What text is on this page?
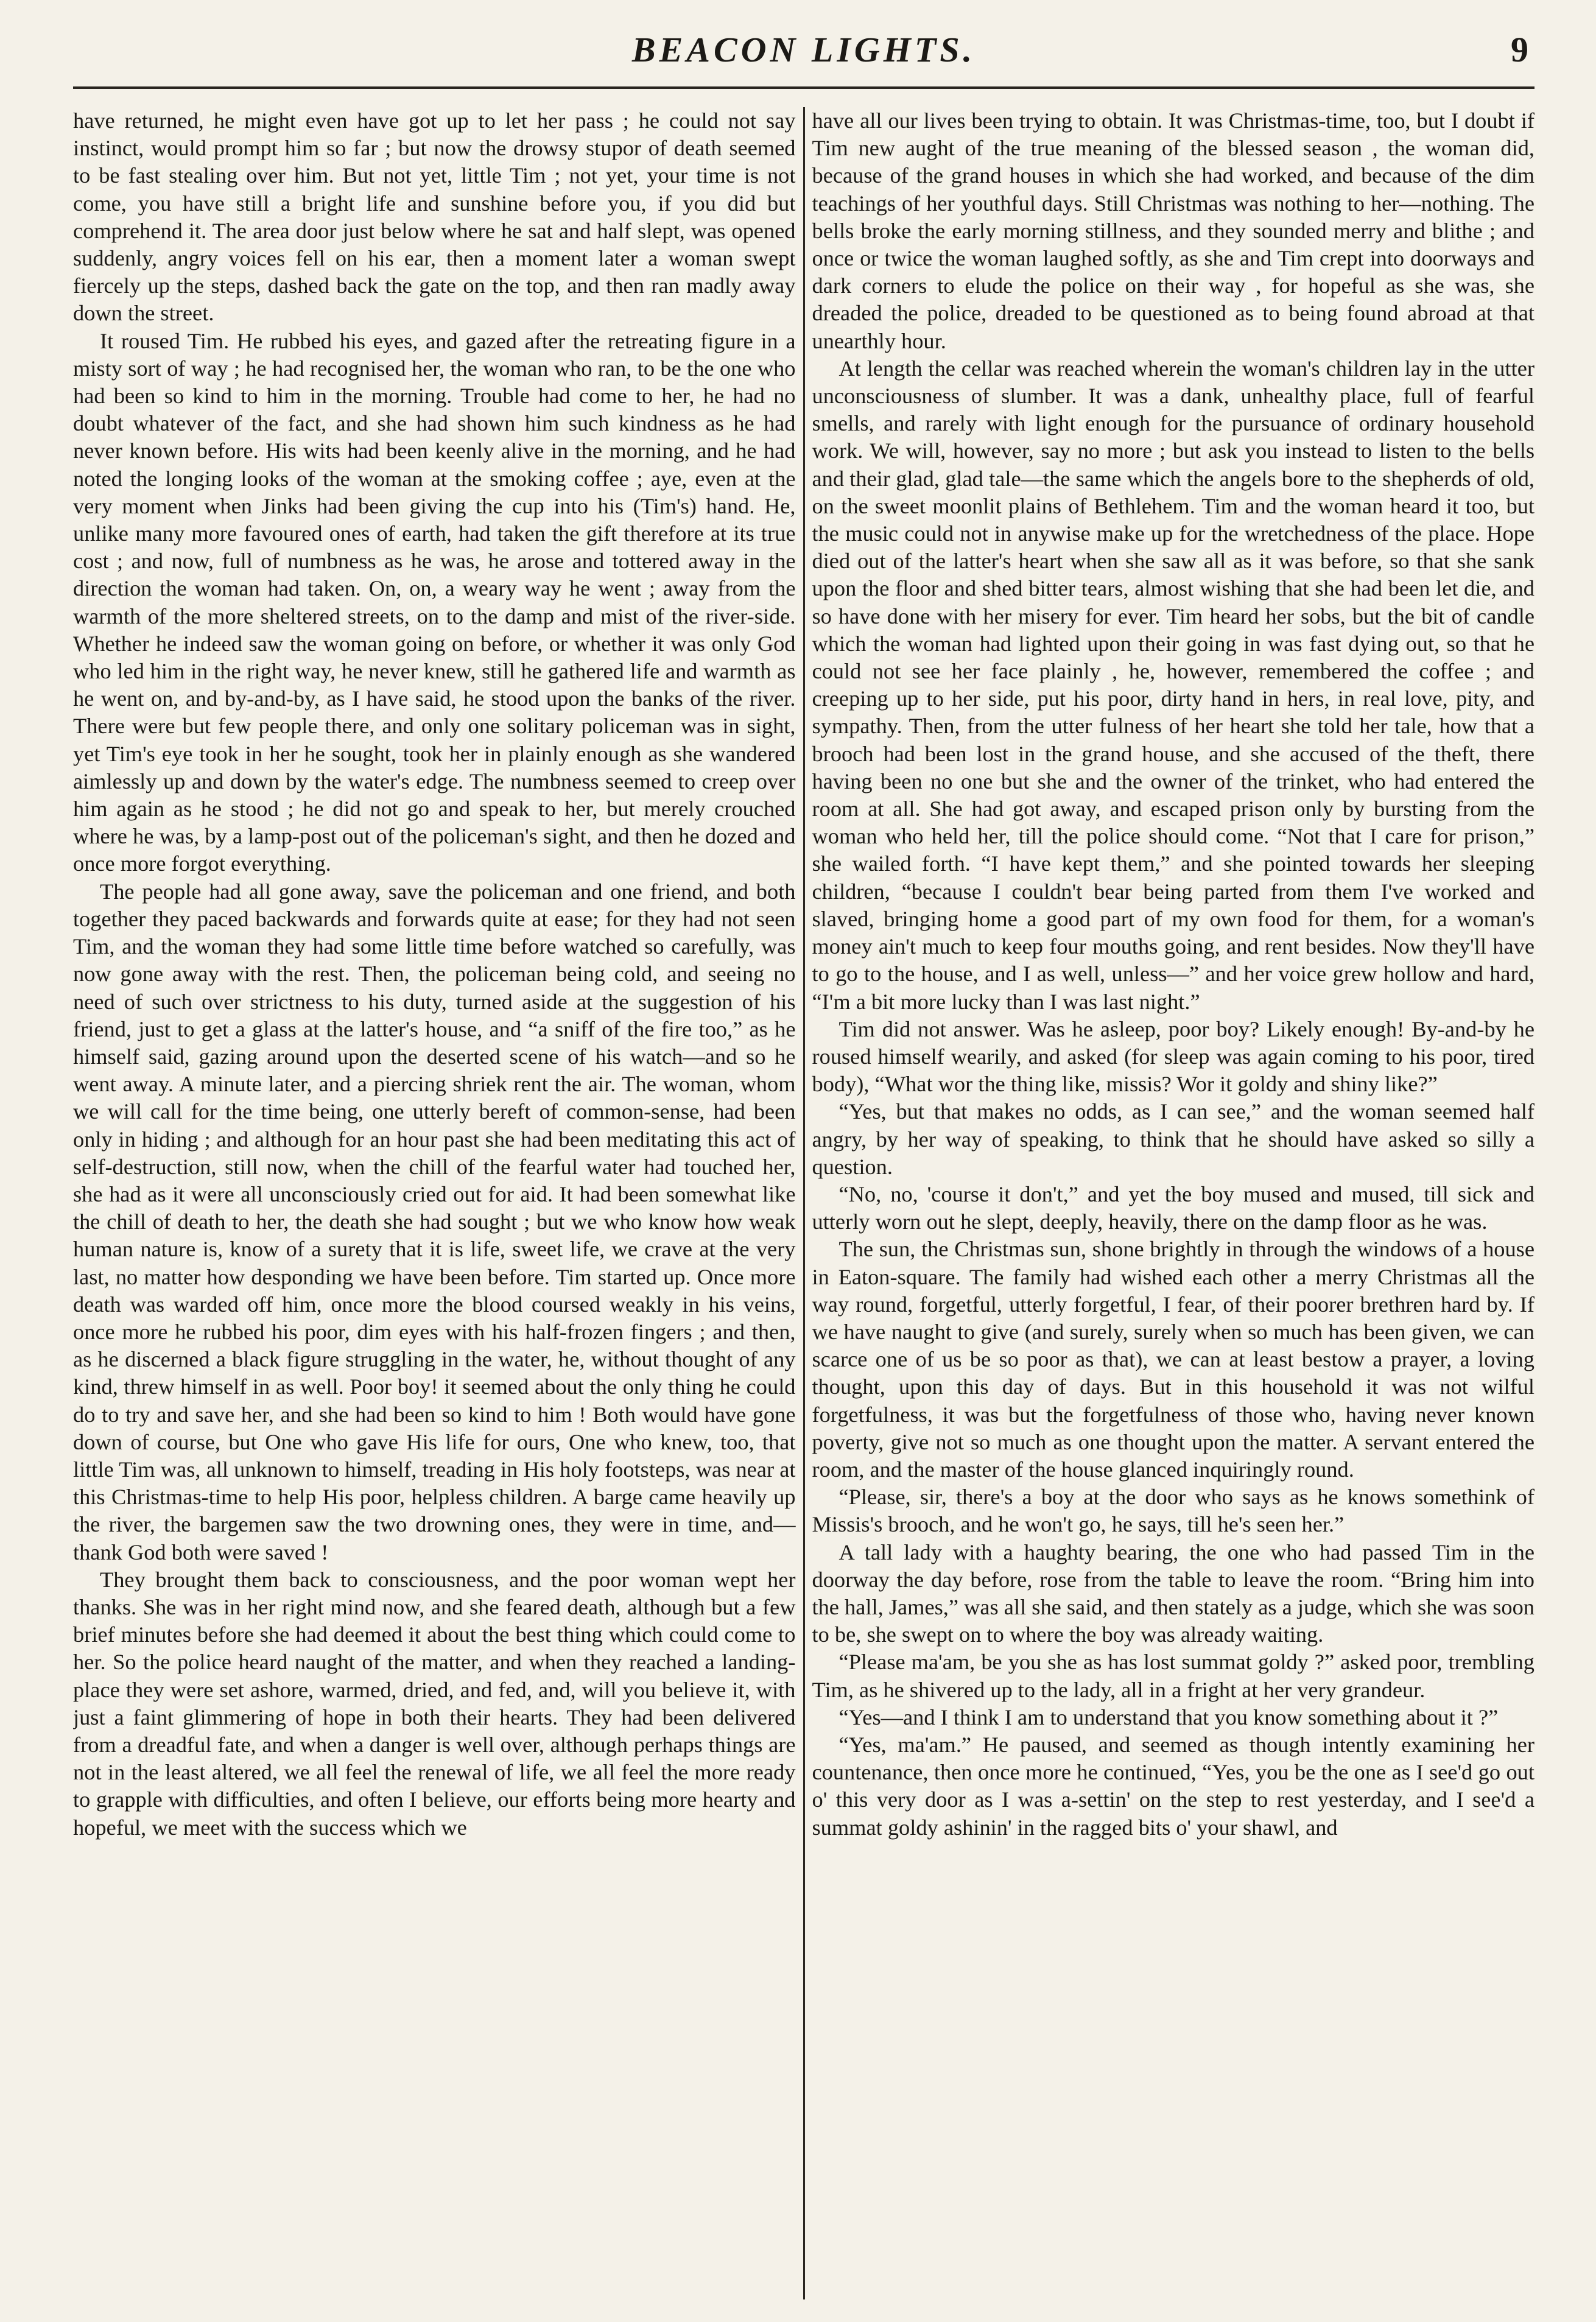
BEACON LIGHTS.	9

have returned, he might even have got up to let her pass ; he could not say instinct, would prompt him so far ; but now the drowsy stupor of death seemed to be fast stealing over him. But not yet, little Tim ; not yet, your time is not come, you have still a bright life and sunshine before you, if you did but comprehend it. The area door just below where he sat and half slept, was opened suddenly, angry voices fell on his ear, then a moment later a woman swept fiercely up the steps, dashed back the gate on the top, and then ran madly away down the street.

It roused Tim. He rubbed his eyes, and gazed after the retreating figure in a misty sort of way ; he had recognised her, the woman who ran, to be the one who had been so kind to him in the morning. Trouble had come to her, he had no doubt whatever of the fact, and she had shown him such kindness as he had never known before. His wits had been keenly alive in the morning, and he had noted the longing looks of the woman at the smoking coffee ; aye, even at the very moment when Jinks had been giving the cup into his (Tim's) hand. He, unlike many more favoured ones of earth, had taken the gift therefore at its true cost ; and now, full of numbness as he was, he arose and tottered away in the direction the woman had taken. On, on, a weary way he went ; away from the warmth of the more sheltered streets, on to the damp and mist of the river-side. Whether he indeed saw the woman going on before, or whether it was only God who led him in the right way, he never knew, still he gathered life and warmth as he went on, and by-and-by, as I have said, he stood upon the banks of the river. There were but few people there, and only one solitary policeman was in sight, yet Tim's eye took in her he sought, took her in plainly enough as she wandered aimlessly up and down by the water's edge. The numbness seemed to creep over him again as he stood ; he did not go and speak to her, but merely crouched where he was, by a lamp-post out of the policeman's sight, and then he dozed and once more forgot everything.

The people had all gone away, save the policeman and one friend, and both together they paced backwards and forwards quite at ease; for they had not seen Tim, and the woman they had some little time before watched so carefully, was now gone away with the rest. Then, the policeman being cold, and seeing no need of such over strictness to his duty, turned aside at the suggestion of his friend, just to get a glass at the latter's house, and “a sniff of the fire too,” as he himself said, gazing around upon the deserted scene of his watch—and so he went away. A minute later, and a piercing shriek rent the air. The woman, whom we will call for the time being, one utterly bereft of common-sense, had been only in hiding ; and although for an hour past she had been meditating this act of self-destruction, still now, when the chill of the fearful water had touched her, she had as it were all unconsciously cried out for aid. It had been somewhat like the chill of death to her, the death she had sought ; but we who know how weak human nature is, know of a surety that it is life, sweet life, we crave at the very last, no matter how desponding we have been before. Tim started up. Once more death was warded off him, once more the blood coursed weakly in his veins, once more he rubbed his poor, dim eyes with his half-frozen fingers ; and then, as he discerned a black figure struggling in the water, he, without thought of any kind, threw himself in as well. Poor boy! it seemed about the only thing he could do to try and save her, and she had been so kind to him ! Both would have gone down of course, but One who gave His life for ours, One who knew, too, that little Tim was, all unknown to himself, treading in His holy footsteps, was near at this Christmas-time to help His poor, helpless children. A barge came heavily up the river, the bargemen saw the two drowning ones, they were in time, and—thank God both were saved !

They brought them back to consciousness, and the poor woman wept her thanks. She was in her right mind now, and she feared death, although but a few brief minutes before she had deemed it about the best thing which could come to her. So the police heard naught of the matter, and when they reached a landing-place they were set ashore, warmed, dried, and fed, and, will you believe it, with just a faint glimmering of hope in both their hearts. They had been delivered from a dreadful fate, and when a danger is well over, although perhaps things are not in the least altered, we all feel the renewal of life, we all feel the more ready to grapple with difficulties, and often I believe, our efforts being more hearty and hopeful, we meet with the success which we

have all our lives been trying to obtain. It was Christmas-time, too, but I doubt if Tim new aught of the true meaning of the blessed season , the woman did, because of the grand houses in which she had worked, and because of the dim teachings of her youthful days. Still Christmas was nothing to her—nothing. The bells broke the early morning stillness, and they sounded merry and blithe ; and once or twice the woman laughed softly, as she and Tim crept into doorways and dark corners to elude the police on their way , for hopeful as she was, she dreaded the police, dreaded to be questioned as to being found abroad at that unearthly hour.

At length the cellar was reached wherein the woman's children lay in the utter unconsciousness of slumber. It was a dank, unhealthy place, full of fearful smells, and rarely with light enough for the pursuance of ordinary household work. We will, however, say no more ; but ask you instead to listen to the bells and their glad, glad tale—the same which the angels bore to the shepherds of old, on the sweet moonlit plains of Bethlehem. Tim and the woman heard it too, but the music could not in anywise make up for the wretchedness of the place. Hope died out of the latter's heart when she saw all as it was before, so that she sank upon the floor and shed bitter tears, almost wishing that she had been let die, and so have done with her misery for ever. Tim heard her sobs, but the bit of candle which the woman had lighted upon their going in was fast dying out, so that he could not see her face plainly , he, however, remembered the coffee ; and creeping up to her side, put his poor, dirty hand in hers, in real love, pity, and sympathy. Then, from the utter fulness of her heart she told her tale, how that a brooch had been lost in the grand house, and she accused of the theft, there having been no one but she and the owner of the trinket, who had entered the room at all. She had got away, and escaped prison only by bursting from the woman who held her, till the police should come. “Not that I care for prison,” she wailed forth. “I have kept them,” and she pointed towards her sleeping children, “because I couldn't bear being parted from them I've worked and slaved, bringing home a good part of my own food for them, for a woman's money ain't much to keep four mouths going, and rent besides. Now they'll have to go to the house, and I as well, unless—” and her voice grew hollow and hard, “I'm a bit more lucky than I was last night.”

Tim did not answer. Was he asleep, poor boy? Likely enough! By-and-by he roused himself wearily, and asked (for sleep was again coming to his poor, tired body), “What wor the thing like, missis? Wor it goldy and shiny like?”

“Yes, but that makes no odds, as I can see,” and the woman seemed half angry, by her way of speaking, to think that he should have asked so silly a question.

“No, no, 'course it don't,” and yet the boy mused and mused, till sick and utterly worn out he slept, deeply, heavily, there on the damp floor as he was.

The sun, the Christmas sun, shone brightly in through the windows of a house in Eaton-square. The family had wished each other a merry Christmas all the way round, forgetful, utterly forgetful, I fear, of their poorer brethren hard by. If we have naught to give (and surely, surely when so much has been given, we can scarce one of us be so poor as that), we can at least bestow a prayer, a loving thought, upon this day of days. But in this household it was not wilful forgetfulness, it was but the forgetfulness of those who, having never known poverty, give not so much as one thought upon the matter. A servant entered the room, and the master of the house glanced inquiringly round.

“Please, sir, there's a boy at the door who says as he knows somethink of Missis's brooch, and he won't go, he says, till he's seen her.”

A tall lady with a haughty bearing, the one who had passed Tim in the doorway the day before, rose from the table to leave the room. “Bring him into the hall, James,” was all she said, and then stately as a judge, which she was soon to be, she swept on to where the boy was already waiting.

“Please ma'am, be you she as has lost summat goldy ?” asked poor, trembling Tim, as he shivered up to the lady, all in a fright at her very grandeur.

“Yes—and I think I am to understand that you know something about it ?”

“Yes, ma'am.” He paused, and seemed as though intently examining her countenance, then once more he continued, “Yes, you be the one as I see'd go out o' this very door as I was a-settin' on the step to rest yesterday, and I see'd a summat goldy ashinin' in the ragged bits o' your shawl, and
